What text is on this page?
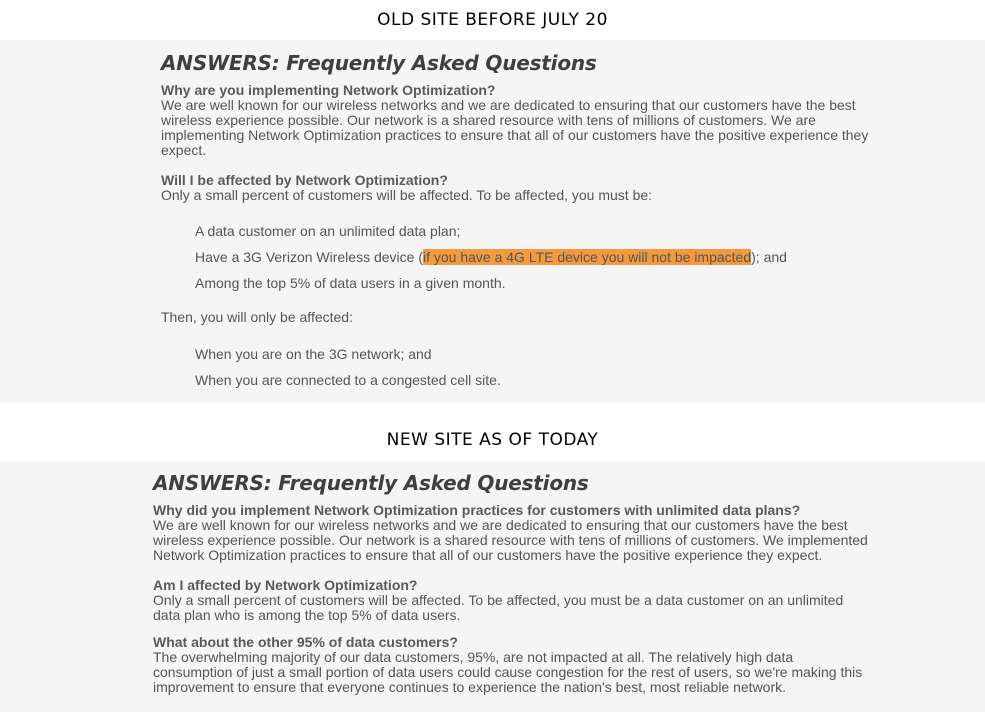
OLD SITE BEFORE JULY 20
ANSWERS: Frequently Asked Questions
Why are you implementing Network Optimization?
We are well known for our wireless networks and we are dedicated to ensuring that our customers have the best
wireless experience possible. Our network is a shared resource with tens of millions of customers. We are
implementing Network Optimization practices to ensure that all of our customers have the positive experience they
expect.
Will I be affected by Network Optimization?
Only a small percent of customers will be affected. To be affected, you must be:
A data customer on an unlimited data plan;
Have a 3G Verizon Wireless device (if you have a 4G LTE device you will not be impacted); and
Among the top 5% of data users in a given month.
Then, you will only be affected:
When you are on the 3G network; and
When you are connected to a congested cell site.
NEW SITE AS OF TODAY
ANSWERS: Frequently Asked Questions
Why did you implement Network Optimization practices for customers with unlimited data plans?
We are well known for our wireless networks and we are dedicated to ensuring that our customers have the best
wireless experience possible. Our network is a shared resource with tens of millions of customers. We implemented
Network Optimization practices to ensure that all of our customers have the positive experience they expect.
Am I affected by Network Optimization?
Only a small percent of customers will be affected. To be affected, you must be a data customer on an unlimited
data plan who is among the top 5% of data users.
What about the other 95% of data customers?
The overwhelming majority of our data customers, 95%, are not impacted at all. The relatively high data
consumption of just a small portion of data users could cause congestion for the rest of users, so we're making this
improvement to ensure that everyone continues to experience the nation's best, most reliable network.
